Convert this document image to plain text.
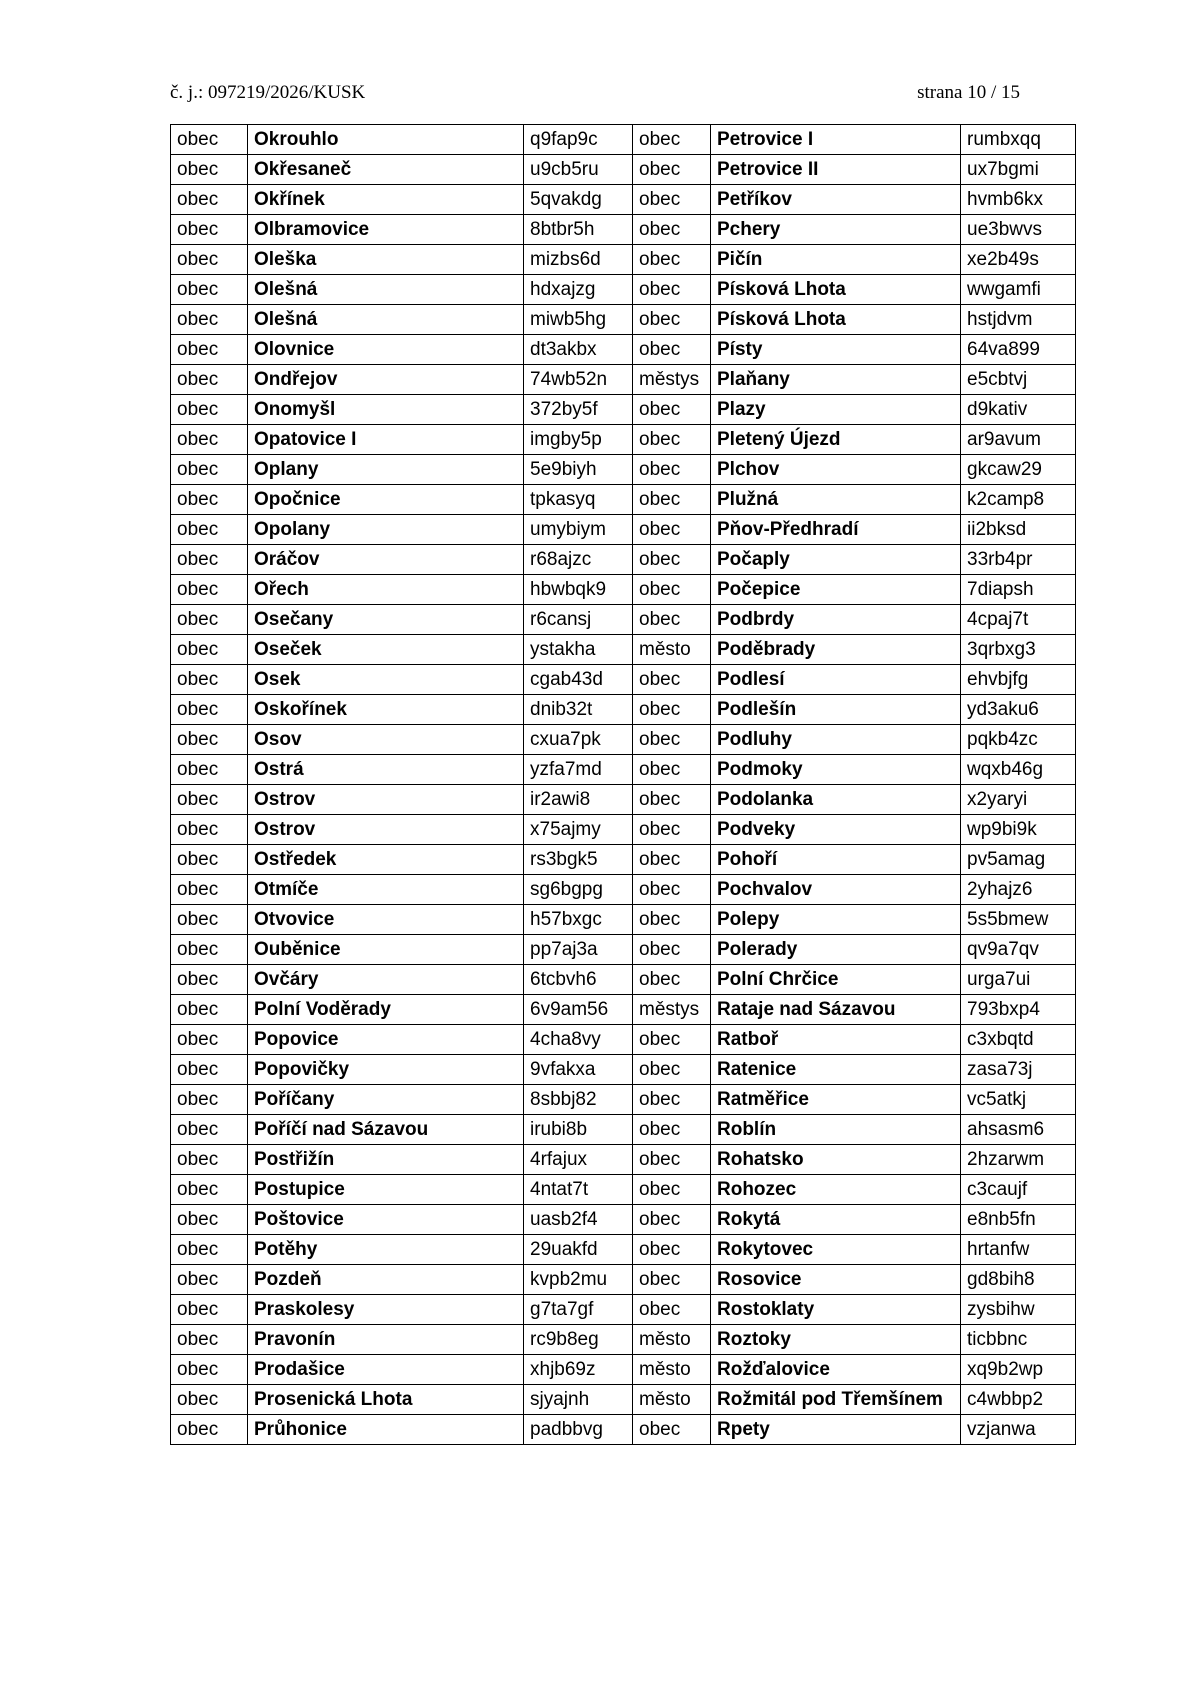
č. j.: 097219/2026/KUSK	strana 10 / 15
obec	Okrouhlo	q9fap9c	obec	Petrovice I	rumbxqq
obec	Okřesaneč	u9cb5ru	obec	Petrovice II	ux7bgmi
obec	Okřínek	5qvakdg	obec	Petříkov	hvmb6kx
obec	Olbramovice	8btbr5h	obec	Pchery	ue3bwvs
obec	Oleška	mizbs6d	obec	Pičín	xe2b49s
obec	Olešná	hdxajzg	obec	Písková Lhota	wwgamfi
obec	Olešná	miwb5hg	obec	Písková Lhota	hstjdvm
obec	Olovnice	dt3akbx	obec	Písty	64va899
obec	Ondřejov	74wb52n	městys	Plaňany	e5cbtvj
obec	Onomyšl	372by5f	obec	Plazy	d9kativ
obec	Opatovice I	imgby5p	obec	Pletený Újezd	ar9avum
obec	Oplany	5e9biyh	obec	Plchov	gkcaw29
obec	Opočnice	tpkasyq	obec	Plužná	k2camp8
obec	Opolany	umybiym	obec	Pňov-Předhradí	ii2bksd
obec	Oráčov	r68ajzc	obec	Počaply	33rb4pr
obec	Ořech	hbwbqk9	obec	Počepice	7diapsh
obec	Osečany	r6cansj	obec	Podbrdy	4cpaj7t
obec	Oseček	ystakha	město	Poděbrady	3qrbxg3
obec	Osek	cgab43d	obec	Podlesí	ehvbjfg
obec	Oskořínek	dnib32t	obec	Podlešín	yd3aku6
obec	Osov	cxua7pk	obec	Podluhy	pqkb4zc
obec	Ostrá	yzfa7md	obec	Podmoky	wqxb46g
obec	Ostrov	ir2awi8	obec	Podolanka	x2yaryi
obec	Ostrov	x75ajmy	obec	Podveky	wp9bi9k
obec	Ostředek	rs3bgk5	obec	Pohoří	pv5amag
obec	Otmíče	sg6bgpg	obec	Pochvalov	2yhajz6
obec	Otvovice	h57bxgc	obec	Polepy	5s5bmew
obec	Ouběnice	pp7aj3a	obec	Polerady	qv9a7qv
obec	Ovčáry	6tcbvh6	obec	Polní Chrčice	urga7ui
obec	Polní Voděrady	6v9am56	městys	Rataje nad Sázavou	793bxp4
obec	Popovice	4cha8vy	obec	Ratboř	c3xbqtd
obec	Popovičky	9vfakxa	obec	Ratenice	zasa73j
obec	Poříčany	8sbbj82	obec	Ratměřice	vc5atkj
obec	Poříčí nad Sázavou	irubi8b	obec	Roblín	ahsasm6
obec	Postřižín	4rfajux	obec	Rohatsko	2hzarwm
obec	Postupice	4ntat7t	obec	Rohozec	c3caujf
obec	Poštovice	uasb2f4	obec	Rokytá	e8nb5fn
obec	Potěhy	29uakfd	obec	Rokytovec	hrtanfw
obec	Pozdeň	kvpb2mu	obec	Rosovice	gd8bih8
obec	Praskolesy	g7ta7gf	obec	Rostoklaty	zysbihw
obec	Pravonín	rc9b8eg	město	Roztoky	ticbbnc
obec	Prodašice	xhjb69z	město	Rožďalovice	xq9b2wp
obec	Prosenická Lhota	sjyajnh	město	Rožmitál pod Třemšínem	c4wbbp2
obec	Průhonice	padbbvg	obec	Rpety	vzjanwa
